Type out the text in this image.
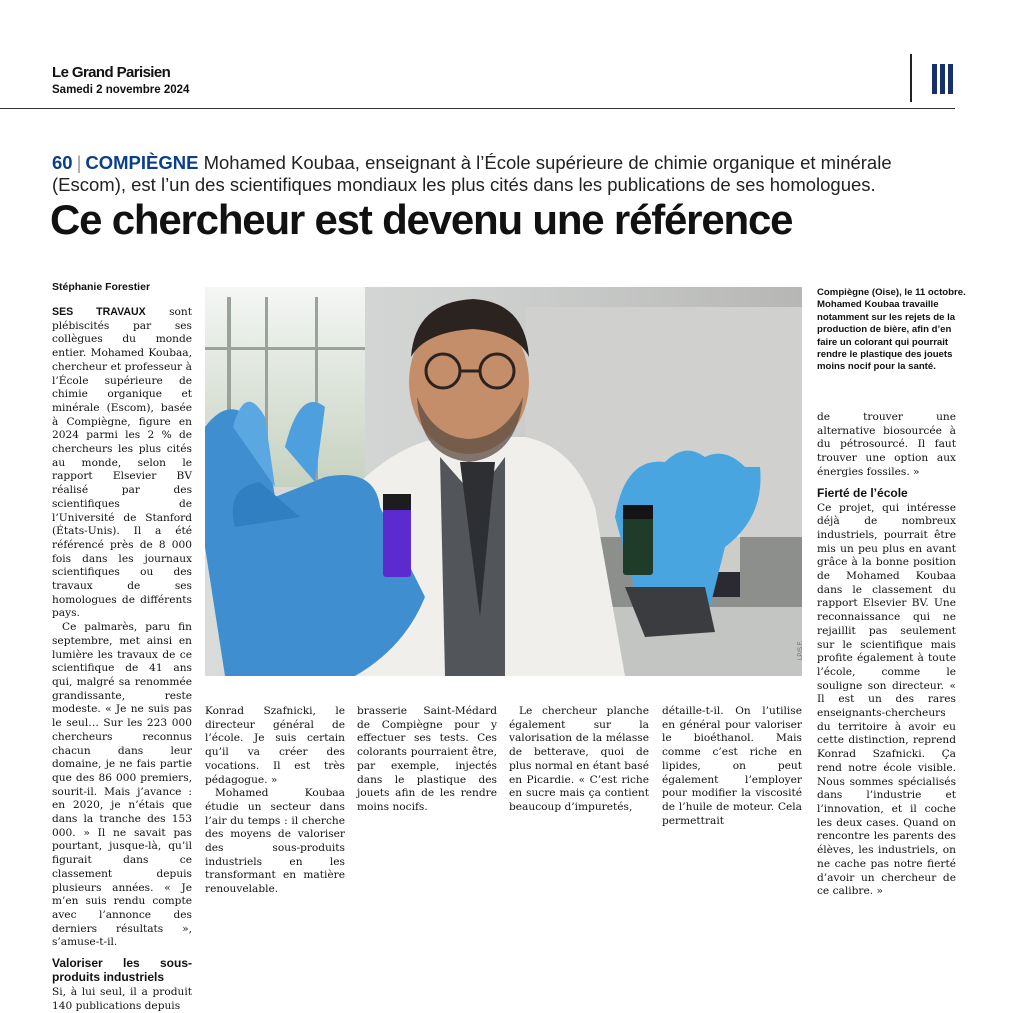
Le Grand Parisien
Samedi 2 novembre 2024
60 | COMPIÈGNE Mohamed Koubaa, enseignant à l’École supérieure de chimie organique et minérale (Escom), est l’un des scientifiques mondiaux les plus cités dans les publications de ses homologues.
Ce chercheur est devenu une référence
Stéphanie Forestier

SES TRAVAUX sont plébiscités par ses collègues du monde entier. Mohamed Koubaa, chercheur et professeur à l’École supérieure de chimie organique et minérale (Escom), basée à Compiègne, figure en 2024 parmi les 2 % de chercheurs les plus cités au monde, selon le rapport Elsevier BV réalisé par des scientifiques de l’Université de Stanford (États-Unis). Il a été référencé près de 8 000 fois dans les journaux scientifiques ou des travaux de ses homologues de différents pays.

Ce palmarès, paru fin septembre, met ainsi en lumière les travaux de ce scientifique de 41 ans qui, malgré sa renommée grandissante, reste modeste. « Je ne suis pas le seul… Sur les 223 000 chercheurs reconnus chacun dans leur domaine, je ne fais partie que des 86 000 premiers, sourit-il. Mais j’avance : en 2020, je n’étais que dans la tranche des 153 000. » Il ne savait pas pourtant, jusque-là, qu’il figurait dans ce classement depuis plusieurs années. « Je m’en suis rendu compte avec l’annonce des derniers résultats », s’amuse-t-il.

Valoriser les sous-produits industriels

Si, à lui seul, il a produit 140 publications depuis

LP/S.F.
Compiègne (Oise), le 11 octobre. Mohamed Koubaa travaille notamment sur les rejets de la production de bière, afin d’en faire un colorant qui pourrait rendre le plastique des jouets moins nocif pour la santé.

Konrad Szafnicki, le directeur général de l’école. Je suis certain qu’il va créer des vocations. Il est très pédagogue. »

Mohamed Koubaa étudie un secteur dans l’air du temps : il cherche des moyens de valoriser des sous-produits industriels en les transformant en matière renouvelable.

brasserie Saint-Médard de Compiègne pour y effectuer ses tests. Ces colorants pourraient être, par exemple, injectés dans le plastique des jouets afin de les rendre moins nocifs.

Le chercheur planche également sur la valorisation de la mélasse de betterave, quoi de plus normal en étant basé en Picardie. « C’est riche en sucre mais ça contient beaucoup d’impuretés,

détaille-t-il. On l’utilise en général pour valoriser le bioéthanol. Mais comme c’est riche en lipides, on peut également l’employer pour modifier la viscosité de l’huile de moteur. Cela permettrait

de trouver une alternative biosourcée à du pétrosourcé. Il faut trouver une option aux énergies fossiles. »

Fierté de l’école

Ce projet, qui intéresse déjà de nombreux industriels, pourrait être mis un peu plus en avant grâce à la bonne position de Mohamed Koubaa dans le classement du rapport Elsevier BV. Une reconnaissance qui ne rejaillit pas seulement sur le scientifique mais profite également à toute l’école, comme le souligne son directeur. « Il est un des rares enseignants-chercheurs du territoire à avoir eu cette distinction, reprend Konrad Szafnicki. Ça rend notre école visible. Nous sommes spécialisés dans l’industrie et l’innovation, et il coche les deux cases. Quand on rencontre les parents des élèves, les industriels, on ne cache pas notre fierté d’avoir un chercheur de ce calibre. »
